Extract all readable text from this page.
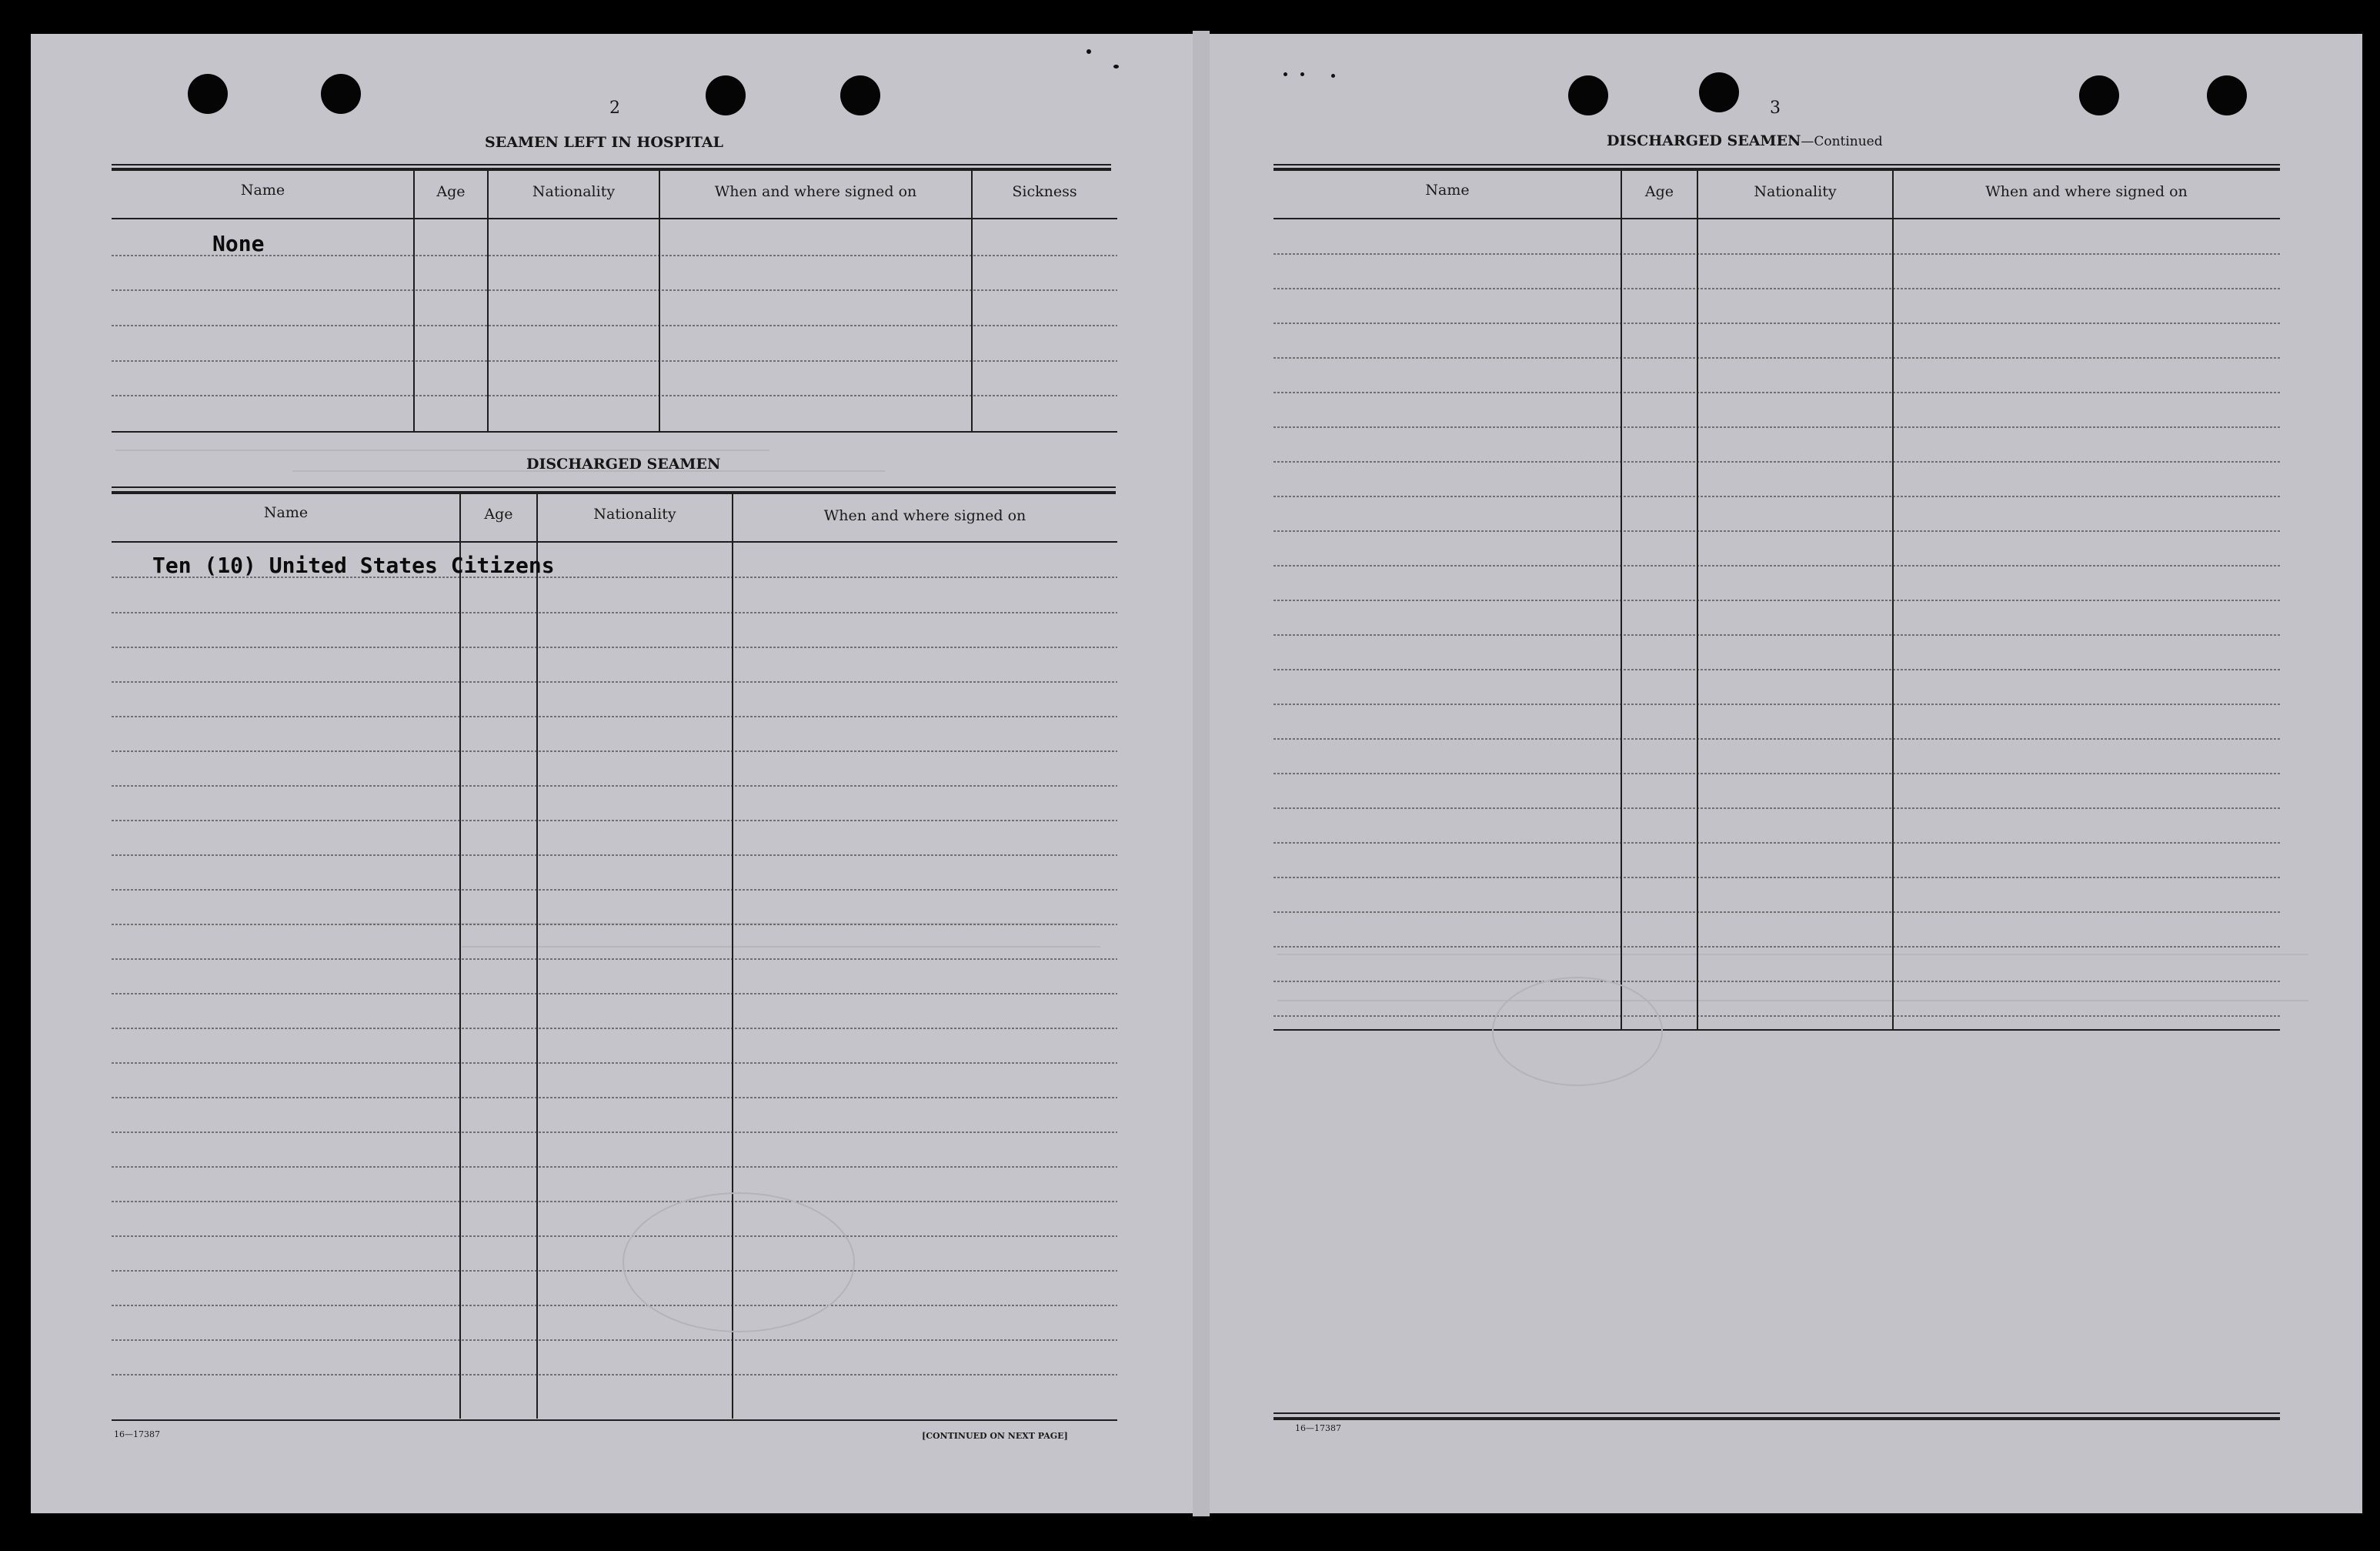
2

SEAMEN LEFT IN HOSPITAL

Name	Age	Nationality	When and where signed on	Sickness

None

DISCHARGED SEAMEN

Name	Age	Nationality	When and where signed on

Ten (10) United States Citizens

16—17387	[CONTINUED ON NEXT PAGE]

3

DISCHARGED SEAMEN—Continued

Name	Age	Nationality	When and where signed on

16—17387
